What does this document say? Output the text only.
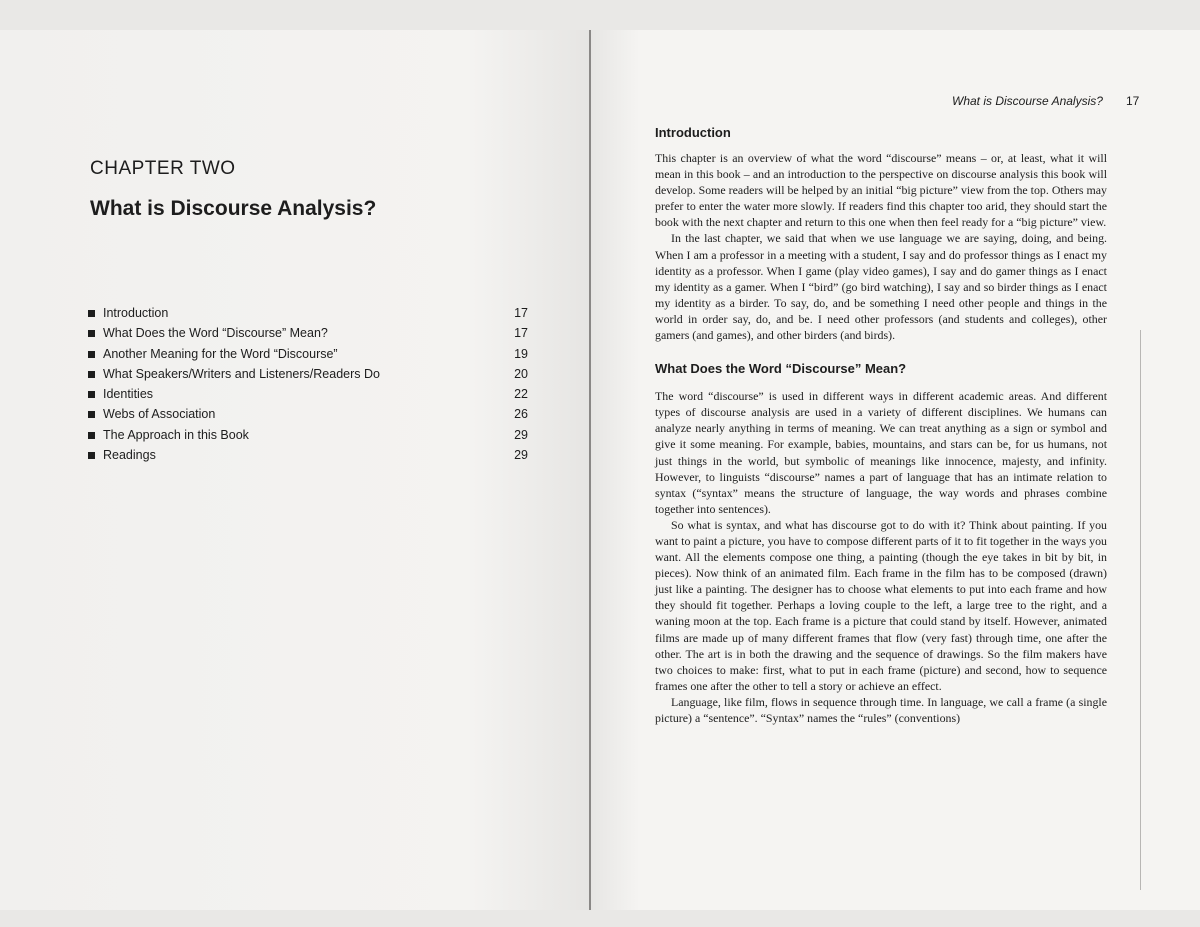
CHAPTER TWO
What is Discourse Analysis?
Introduction	17
What Does the Word “Discourse” Mean?	17
Another Meaning for the Word “Discourse”	19
What Speakers/Writers and Listeners/Readers Do	20
Identities	22
Webs of Association	26
The Approach in this Book	29
Readings	29
What is Discourse Analysis? 17
Introduction

This chapter is an overview of what the word “discourse” means – or, at least, what it will mean in this book – and an introduction to the perspective on discourse analysis this book will develop. Some readers will be helped by an initial “big picture” view from the top. Others may prefer to enter the water more slowly. If readers find this chapter too arid, they should start the book with the next chapter and return to this one when then feel ready for a “big picture” view.

In the last chapter, we said that when we use language we are saying, doing, and being. When I am a professor in a meeting with a student, I say and do professor things as I enact my identity as a professor. When I game (play video games), I say and do gamer things as I enact my identity as a gamer. When I “bird” (go bird watching), I say and so birder things as I enact my identity as a birder. To say, do, and be something I need other people and things in the world in order say, do, and be. I need other professors (and students and colleges), other gamers (and games), and other birders (and birds).

What Does the Word “Discourse” Mean?

The word “discourse” is used in different ways in different academic areas. And different types of discourse analysis are used in a variety of different disciplines. We humans can analyze nearly anything in terms of meaning. We can treat anything as a sign or symbol and give it some meaning. For example, babies, mountains, and stars can be, for us humans, not just things in the world, but symbolic of meanings like innocence, majesty, and infinity. However, to linguists “discourse” names a part of language that has an intimate relation to syntax (“syntax” means the structure of language, the way words and phrases combine together into sentences).

So what is syntax, and what has discourse got to do with it? Think about painting. If you want to paint a picture, you have to compose different parts of it to fit together in the ways you want. All the elements compose one thing, a painting (though the eye takes in bit by bit, in pieces). Now think of an animated film. Each frame in the film has to be composed (drawn) just like a painting. The designer has to choose what elements to put into each frame and how they should fit together. Perhaps a loving couple to the left, a large tree to the right, and a waning moon at the top. Each frame is a picture that could stand by itself. However, animated films are made up of many different frames that flow (very fast) through time, one after the other. The art is in both the drawing and the sequence of drawings. So the film makers have two choices to make: first, what to put in each frame (picture) and second, how to sequence frames one after the other to tell a story or achieve an effect.

Language, like film, flows in sequence through time. In language, we call a frame (a single picture) a “sentence”. “Syntax” names the “rules” (conventions)
